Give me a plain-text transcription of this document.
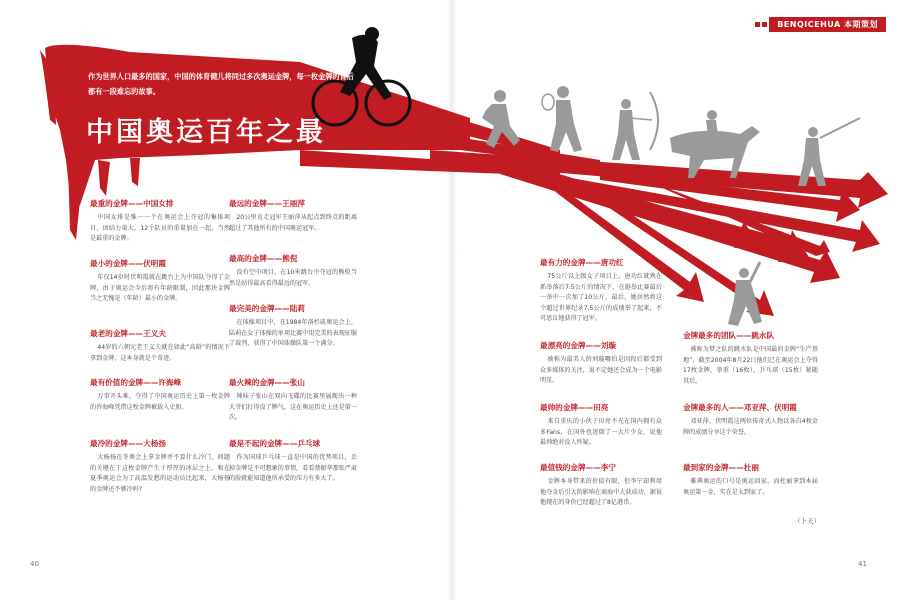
BENQICEHUA 本期策划
作为世界人口最多的国家，中国的体育健儿将同过多次奥运金牌，每一枚金牌的背后都有一段难忘的故事。
中国奥运百年之最
最重的金牌——中国女排

中国女排是惟一一个在奥运会上夺冠的集体项目，团结力量大，12个队员的重量加在一起，当然是最重的金牌。

最小的金牌——伏明霞

年仅14岁时伏明霞就在跳台上为中国队夺得了金牌，由于奥运会今后将有年龄限制，因此那块金牌当之无愧是（年龄）最小的金牌。

最老的金牌——王义夫

44岁的六朝元老王义夫就在如此“高龄”的情况下拿到金牌，这本身就是个奇迹。

最有价值的金牌——许海峰

万事开头难，夺得了中国奥运历史上第一枚金牌的许海峰凭借这枚金牌被载入史册。

最冷的金牌——大杨扬

大杨扬在冬奥会上拿金牌并不算什么冷门，问题的关键在于这枚金牌产生于厚厚的冰层之上，和在夏季奥运会为了高温发愁的运动员比起来，大杨扬的金牌还不够冷吗?

最远的金牌——王丽萍

20公里竞走冠军王丽萍从起点到终点的距离超过了其他所有的中国奥运冠军。

最高的金牌——熊倪

没有空中项目，在10米跳台中夺冠的熊倪当然是站得最高看得最远的冠军。

最完美的金牌——陆莉

在体操项目中，在1984年洛杉矶奥运会上，陆莉在女子体操的单项比赛中用完美的表现征服了裁判，获得了中国体操队第一个满分。

最火辣的金牌——张山

辣妹子张山在双向飞碟的比赛里展现出一种大爷们打得没了脾气，这在奥运历史上还是第一次。

最是不起的金牌——乒乓球

作为国球乒乓球一直是中国的优势项目，丢掉金牌是不可想象的事情，看看蔡振华那张严肃的脸就能知道他所承受的压力有多大了。

最有力的金牌——唐功红

75公斤以上级女子项目上，唐功红就熟在抓举落后7.5公斤的情况下，在挺举比赛最后一举中一次加了10公斤，最后，她居然将这个超过世界纪录7.5公斤的成绩举了起来，不可思议地获得了冠军。

最漂亮的金牌——刘璇

被称为最美人的刘璇哪怕是因段后都受到众多媒体的关注，说不定她还会成为一个电影明星。

最帅的金牌——田亮

来自重庆的小伙子田亮不光在国内拥有众多Fans，在国外也迷倒了一大片少女，说他最帅绝对没人怀疑。

最值钱的金牌——李宁

金牌本身带来的价值有限，但李宁却利用他夺金后引大的影响在商海中大获成功，据说他现在的身价已经超过了8亿港币。

金牌最多的团队——跳水队

被称为梦之队的跳水队是中国最的金牌“生产基地”，截至2004年8月22日他们已在奥运会上夺得17枚金牌，举重（16枚），乒乓球（15枚）紧随其后。

金牌最多的人——邓亚萍、伏明霞

邓亚萍、伏明霞这两位传奇式人物以各自4枚金牌的成绩分享这个荣誉。

最到家的金牌——杜丽

雅典奥运的口号是奥运回家，而杜丽拿到本届奥运第一金，实在是太到家了。

（卜天）
40	41
